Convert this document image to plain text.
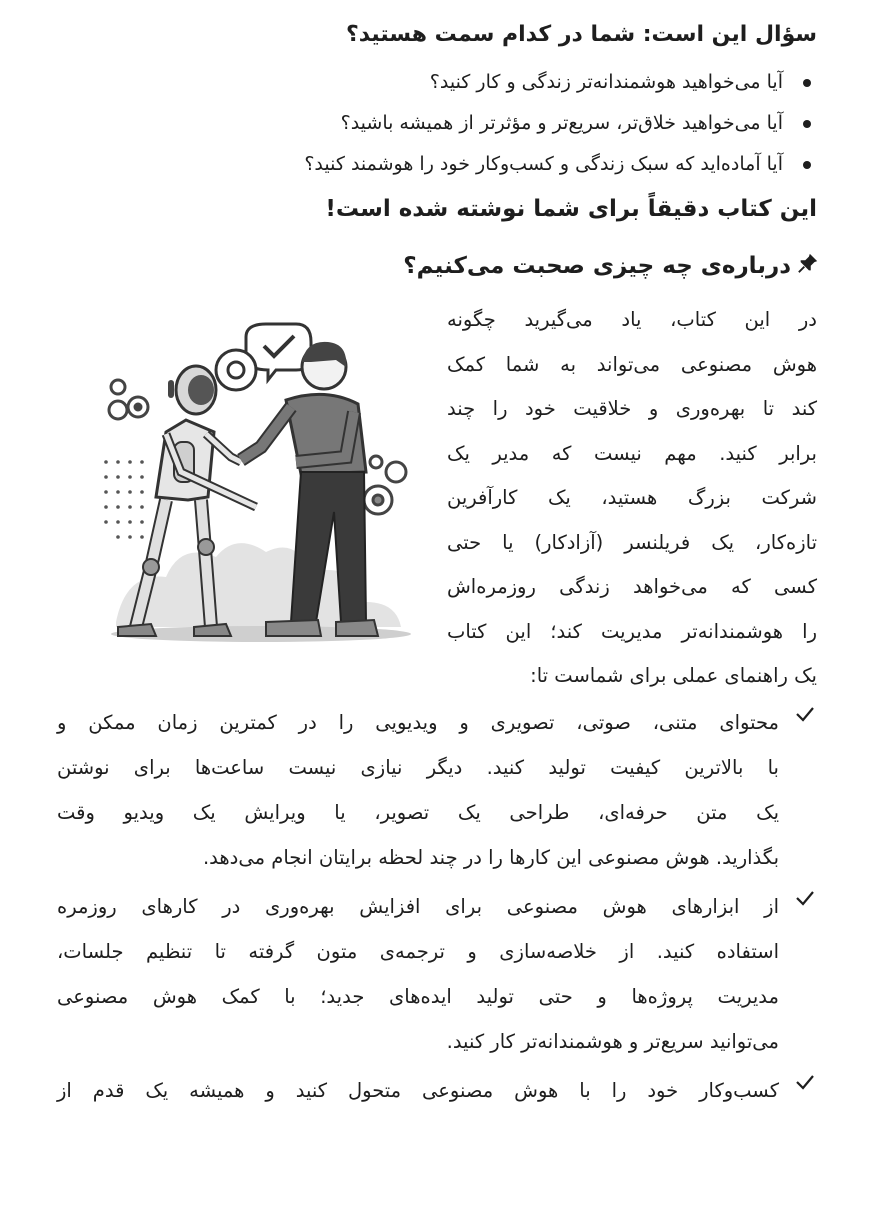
سؤال این است: شما در کدام سمت هستید؟
آیا می‌خواهید هوشمندانه‌تر زندگی و کار کنید؟
آیا می‌خواهید خلاق‌تر، سریع‌تر و مؤثرتر از همیشه باشید؟
آیا آماده‌اید که سبک زندگی و کسب‌وکار خود را هوشمند کنید؟
این کتاب دقیقاً برای شما نوشته شده است!
درباره‌ی چه چیزی صحبت می‌کنیم؟
در این کتاب، یاد می‌گیرید چگونه
هوش مصنوعی می‌تواند به شما کمک
کند تا بهره‌وری و خلاقیت خود را چند
برابر کنید. مهم نیست که مدیر یک
شرکت بزرگ هستید، یک کارآفرین
تازه‌کار، یک فریلنسر (آزادکار) یا حتی
کسی که می‌خواهد زندگی روزمره‌اش
را هوشمندانه‌تر مدیریت کند؛ این کتاب
یک راهنمای عملی برای شماست تا:
محتوای متنی، صوتی، تصویری و ویدیویی را در کمترین زمان ممکن و
با بالاترین کیفیت تولید کنید. دیگر نیازی نیست ساعت‌ها برای نوشتن
یک متن حرفه‌ای، طراحی یک تصویر، یا ویرایش یک ویدیو وقت
بگذارید. هوش مصنوعی این کارها را در چند لحظه برایتان انجام می‌دهد.
از ابزارهای هوش مصنوعی برای افزایش بهره‌وری در کارهای روزمره
استفاده کنید. از خلاصه‌سازی و ترجمه‌ی متون گرفته تا تنظیم جلسات،
مدیریت پروژه‌ها و حتی تولید ایده‌های جدید؛ با کمک هوش مصنوعی
می‌توانید سریع‌تر و هوشمندانه‌تر کار کنید.
کسب‌وکار خود را با هوش مصنوعی متحول کنید و همیشه یک قدم از
